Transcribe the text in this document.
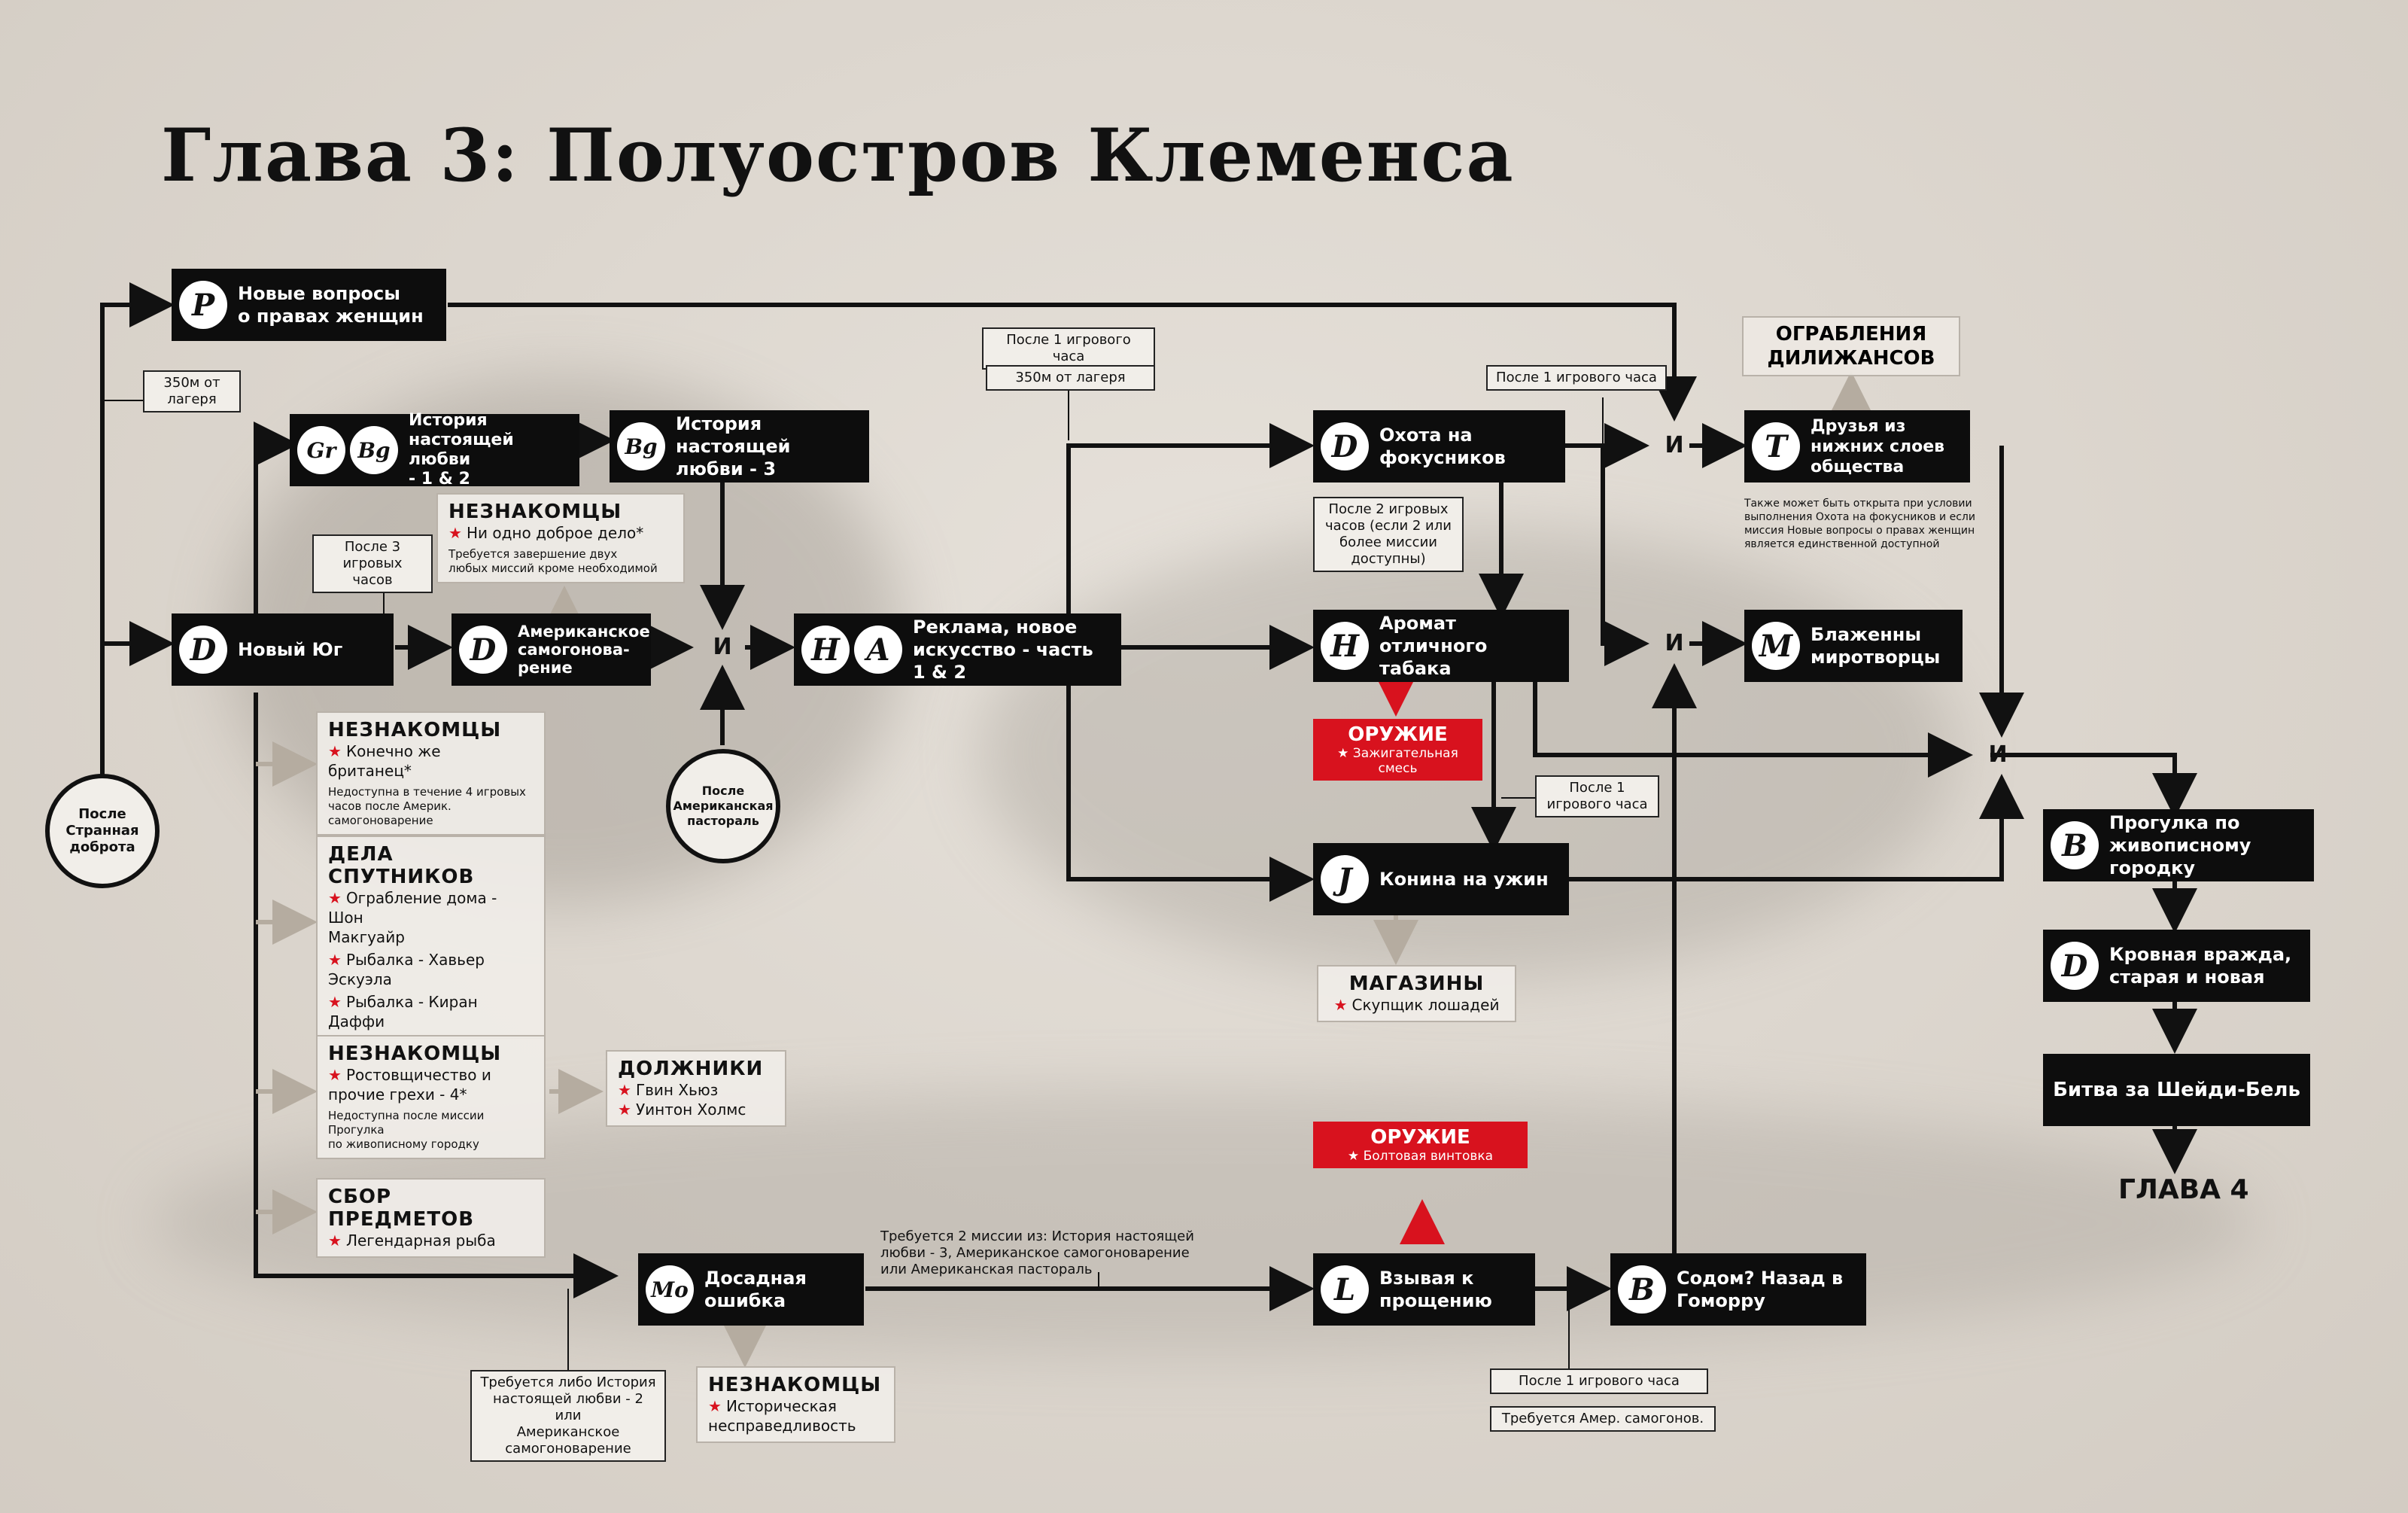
Глава 3: Полуостров Клеменса
После
Странная
доброта
P	Новые вопросы
о правах женщин
Gr	Bg
История
настоящей любви
- 1 & 2
Bg
История настоящей
любви - 3
D	Новый Юг	D
Американское
самогонова-
рение
И
После
Американская
пастораль
H A
Реклама, новое
искусство - часть 1 & 2
D	Охота на
фокусников
H
Аромат отличного
табака
J	Конина на ужин
И	T
Друзья из
нижних слоев
общества
Также может быть открыта при условии
выполнения Охота на фокусников и если
миссия Новые вопросы о правах женщин
является единственной доступной
И	M Блаженны
миротворцы
И
B
Прогулка по
живописному городку
D	Кровная вражда,
старая и новая
Битва за Шейди-Бель
ГЛАВА 4
Mo Досадная
ошибка	L	Взывая к
прощению	B	Содом? Назад в
Гоморру
350м от
лагеря
После 3
игровых часов
После 1 игрового часа
350м от лагеря	После 1 игрового часа
После 2 игровых
часов (если 2 или
более миссии
доступны)
После 1
игрового часа
После 1 игрового часа
Требуется Амер. самогонов.
Требуется либо История
настоящей любви - 2 или
Американское
самогоноварение
Требуется 2 миссии из: История настоящей
любви - 3, Американское самогоноварение
или Американская пастораль
НЕЗНАКОМЦЫ
★ Ни одно доброе дело*
Требуется завершение двух
любых миссий кроме необходимой
НЕЗНАКОМЦЫ
★ Конечно же
британец*
Недоступна в течение 4 игровых
часов после Америк. самогоноварение
ДЕЛА СПУТНИКОВ
★ Ограбление дома - Шон
Макгуайр
★ Рыбалка - Хавьер
Эскуэла
★ Рыбалка - Киран
Даффи
НЕЗНАКОМЦЫ
★ Ростовщичество и
прочие грехи - 4*
Недоступна после миссии Прогулка
по живописному городку
ДОЛЖНИКИ
★ Гвин Хьюз
★ Уинтон Холмс
СБОР ПРЕДМЕТОВ
★ Легендарная рыба
МАГАЗИНЫ
★ Скупщик лошадей
НЕЗНАКОМЦЫ
★ Историческая
несправедливость
ОГРАБЛЕНИЯ
ДИЛИЖАНСОВ
ОРУЖИЕ
★ Зажигательная смесь
ОРУЖИЕ
★ Болтовая винтовка
